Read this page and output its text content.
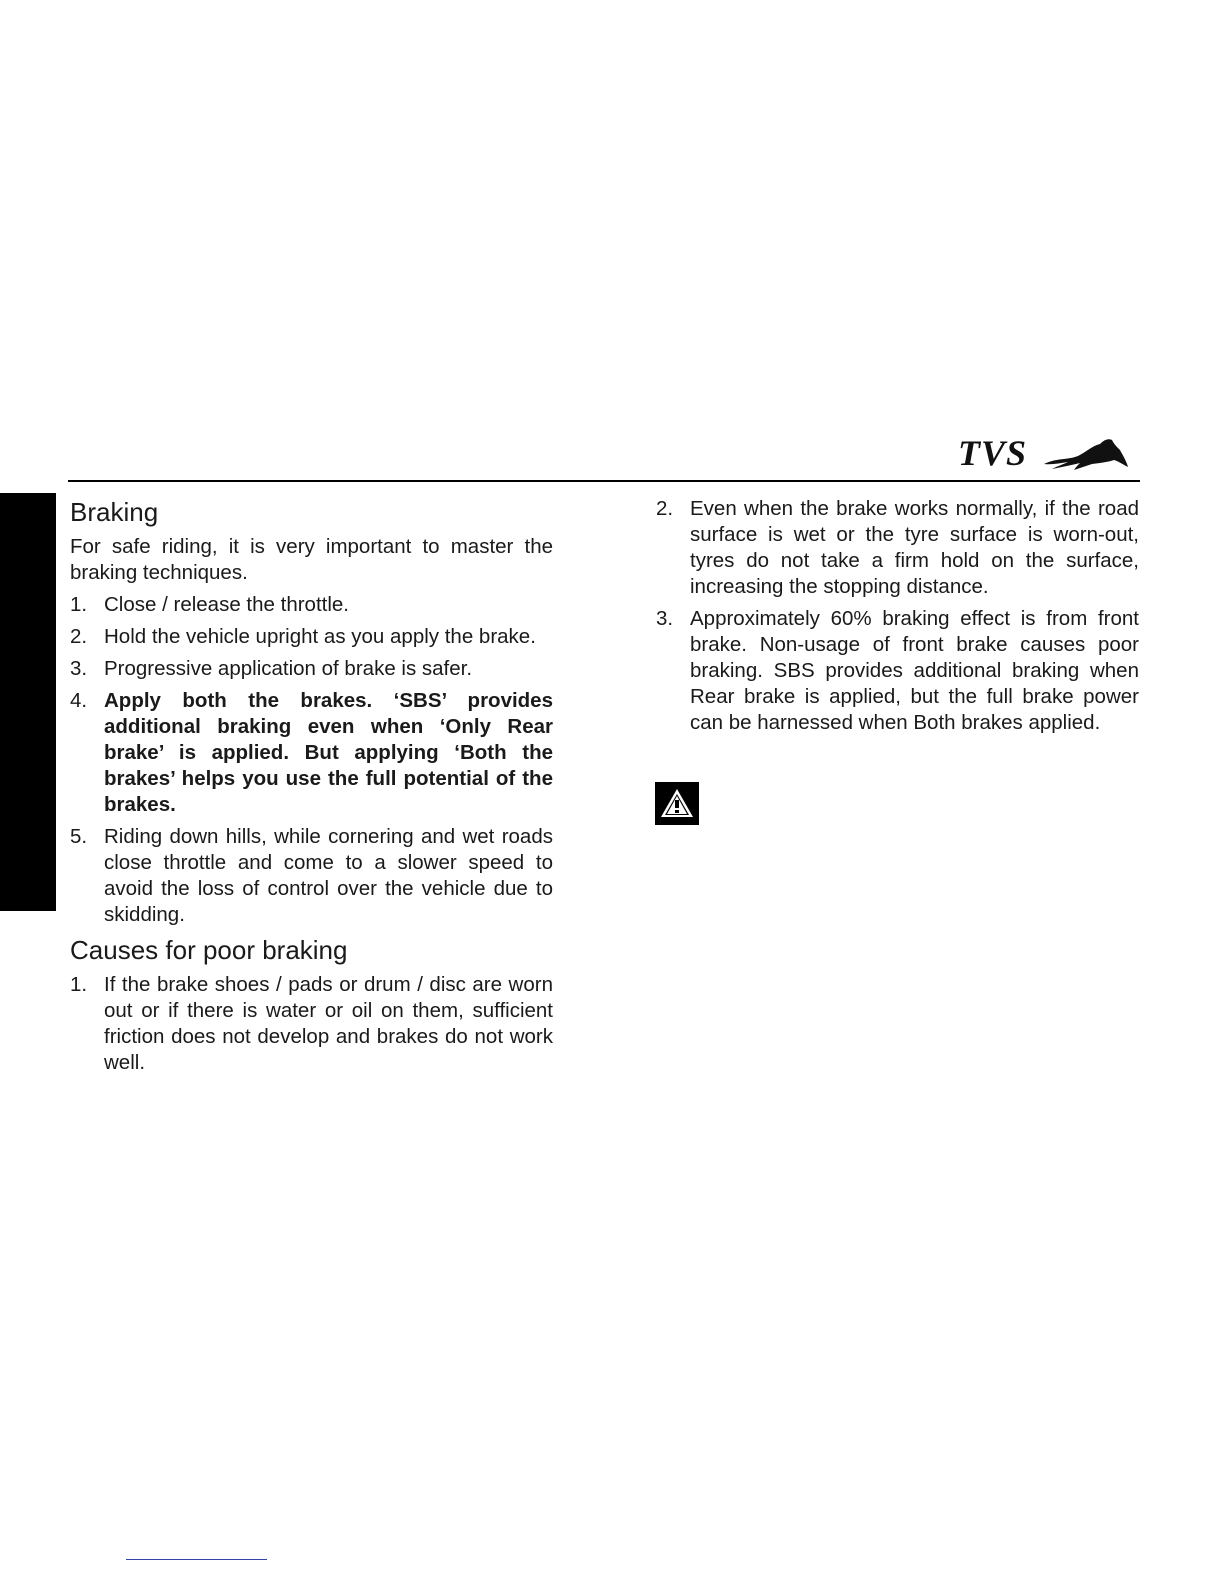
TVS
Braking

For safe riding, it is very important to master the braking techniques.

1. Close / release the throttle.
2. Hold the vehicle upright as you apply the brake.
3. Progressive application of brake is safer.
4. Apply both the brakes. ‘SBS’ provides additional braking even when ‘Only Rear brake’ is applied. But applying ‘Both the brakes’ helps you use the full potential of the brakes.
5. Riding down hills, while cornering and wet roads close throttle and come to a slower speed to avoid the loss of control over the vehicle due to skidding.
Causes for poor braking
1. If the brake shoes / pads or drum / disc are worn out or if there is water or oil on them, sufficient friction does not develop and brakes do not work well.
2. Even when the brake works normally, if the road surface is wet or the tyre surface is worn-out, tyres do not take a firm hold on the surface, increasing the stopping distance.
3. Approximately 60% braking effect is from front brake. Non-usage of front brake causes poor braking. SBS provides additional braking when Rear brake is applied, but the full brake power can be harnessed when Both brakes applied.
